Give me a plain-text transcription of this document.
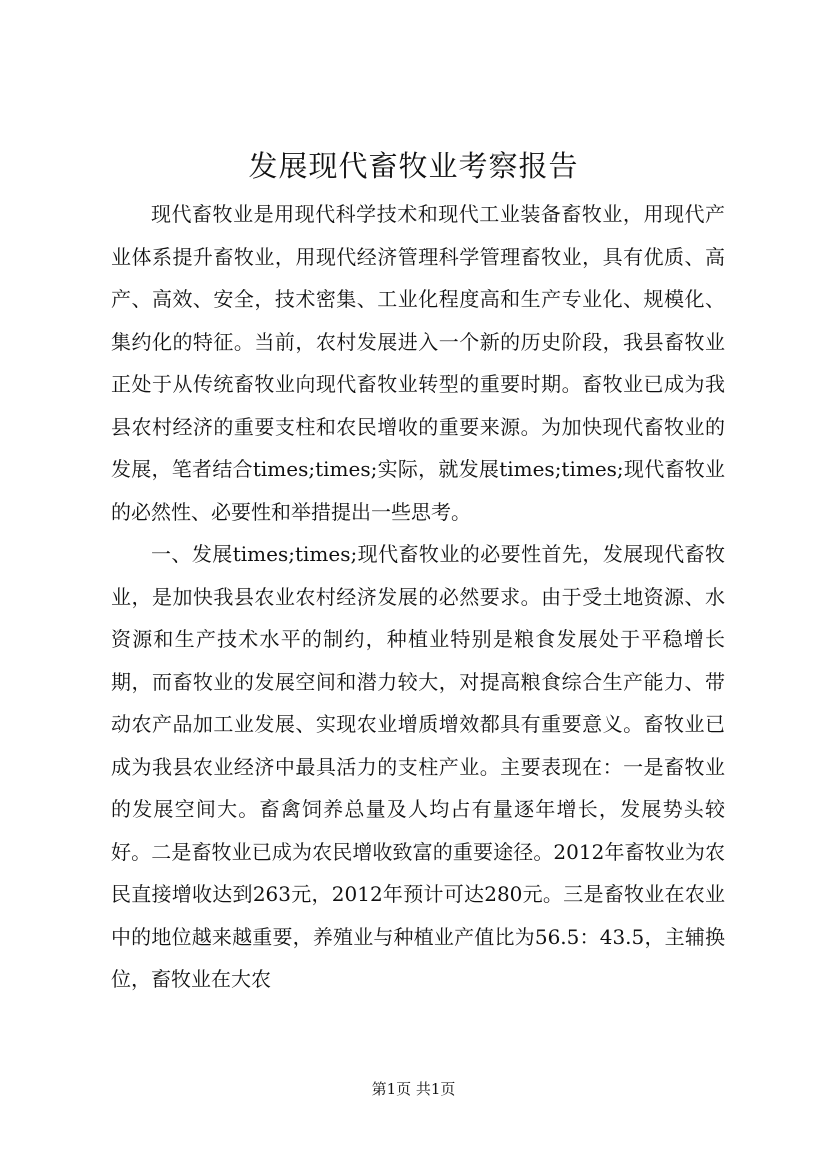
发展现代畜牧业考察报告

现代畜牧业是用现代科学技术和现代工业装备畜牧业，用现代产业体系提升畜牧业，用现代经济管理科学管理畜牧业，具有优质、高产、高效、安全，技术密集、工业化程度高和生产专业化、规模化、集约化的特征。当前，农村发展进入一个新的历史阶段，我县畜牧业正处于从传统畜牧业向现代畜牧业转型的重要时期。畜牧业已成为我县农村经济的重要支柱和农民增收的重要来源。为加快现代畜牧业的发展，笔者结合times;times;实际，就发展times;times;现代畜牧业的必然性、必要性和举措提出一些思考。

一、发展times;times;现代畜牧业的必要性首先，发展现代畜牧业，是加快我县农业农村经济发展的必然要求。由于受土地资源、水资源和生产技术水平的制约，种植业特别是粮食发展处于平稳增长期，而畜牧业的发展空间和潜力较大，对提高粮食综合生产能力、带动农产品加工业发展、实现农业增质增效都具有重要意义。畜牧业已成为我县农业经济中最具活力的支柱产业。主要表现在：一是畜牧业的发展空间大。畜禽饲养总量及人均占有量逐年增长，发展势头较好。二是畜牧业已成为农民增收致富的重要途径。2012年畜牧业为农民直接增收达到263元，2012年预计可达280元。三是畜牧业在农业中的地位越来越重要，养殖业与种植业产值比为56.5：43.5，主辅换位，畜牧业在大农

第1页 共1页
